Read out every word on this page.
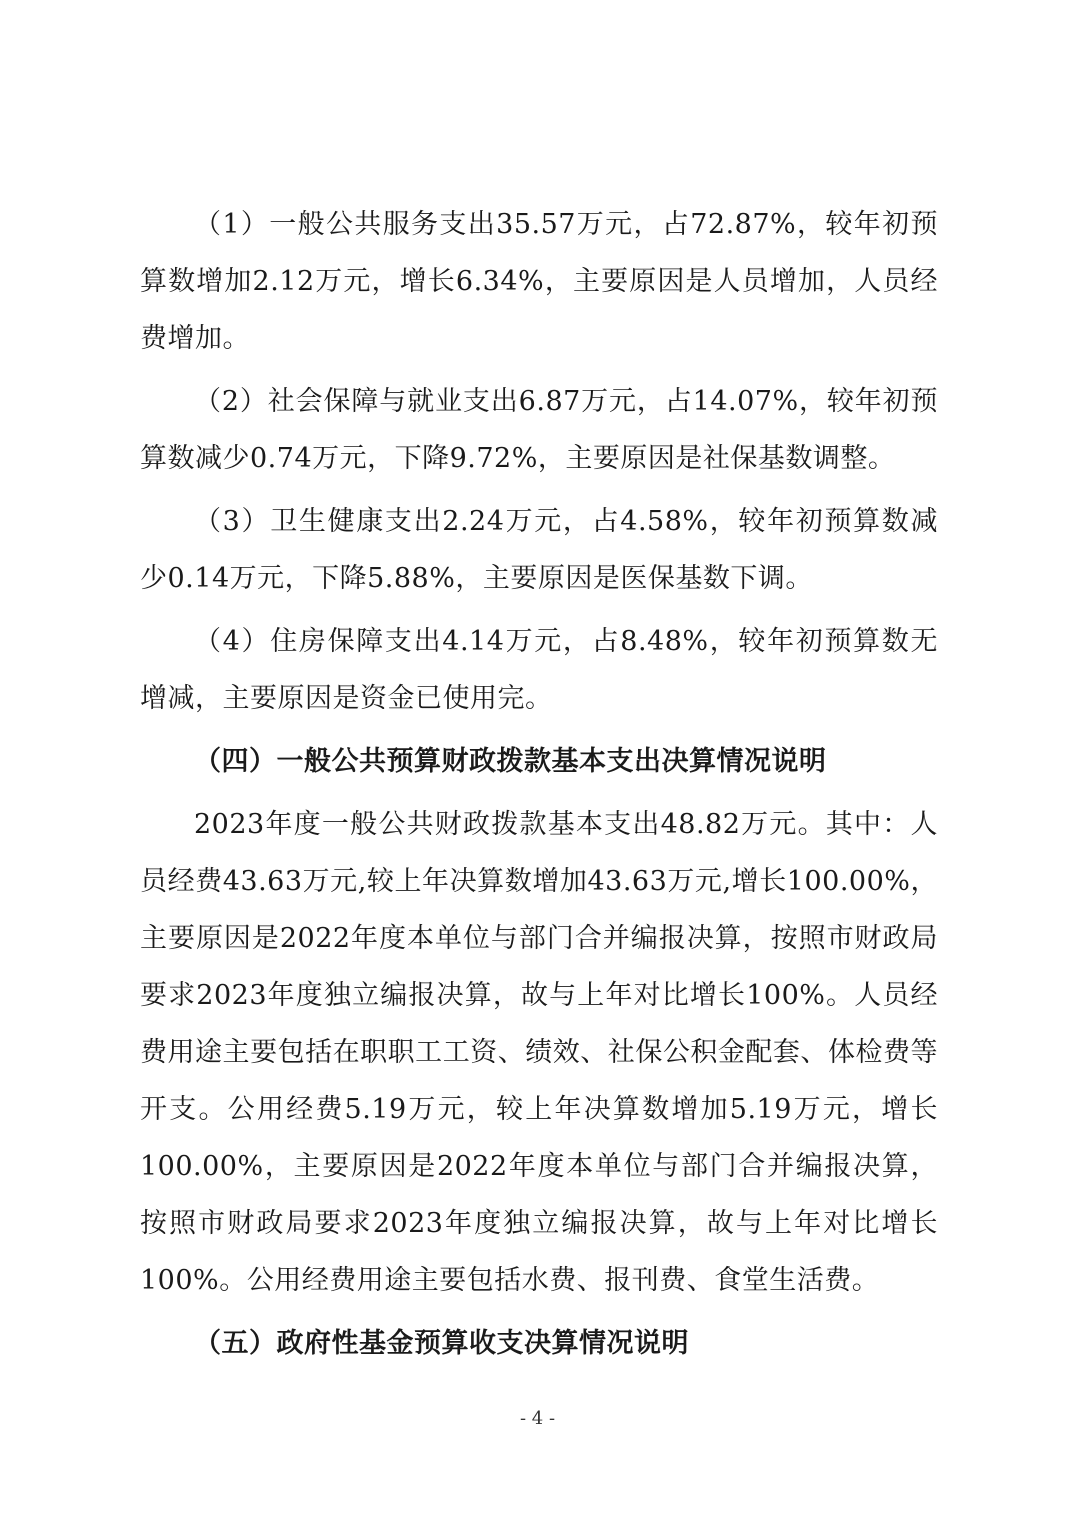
（1）一般公共服务支出35.57万元，占72.87%，较年初预算数增加2.12万元，增长6.34%，主要原因是人员增加，人员经费增加。

（2）社会保障与就业支出6.87万元，占14.07%，较年初预算数减少0.74万元，下降9.72%，主要原因是社保基数调整。

（3）卫生健康支出2.24万元，占4.58%，较年初预算数减少0.14万元，下降5.88%，主要原因是医保基数下调。

（4）住房保障支出4.14万元，占8.48%，较年初预算数无增减，主要原因是资金已使用完。

（四）一般公共预算财政拨款基本支出决算情况说明

2023年度一般公共财政拨款基本支出48.82万元。其中：人员经费43.63万元,较上年决算数增加43.63万元,增长100.00%，主要原因是2022年度本单位与部门合并编报决算，按照市财政局要求2023年度独立编报决算，故与上年对比增长100%。人员经费用途主要包括在职职工工资、绩效、社保公积金配套、体检费等开支。公用经费5.19万元，较上年决算数增加5.19万元，增长100.00%，主要原因是2022年度本单位与部门合并编报决算，按照市财政局要求2023年度独立编报决算，故与上年对比增长100%。公用经费用途主要包括水费、报刊费、食堂生活费。

（五）政府性基金预算收支决算情况说明

- 4 -
